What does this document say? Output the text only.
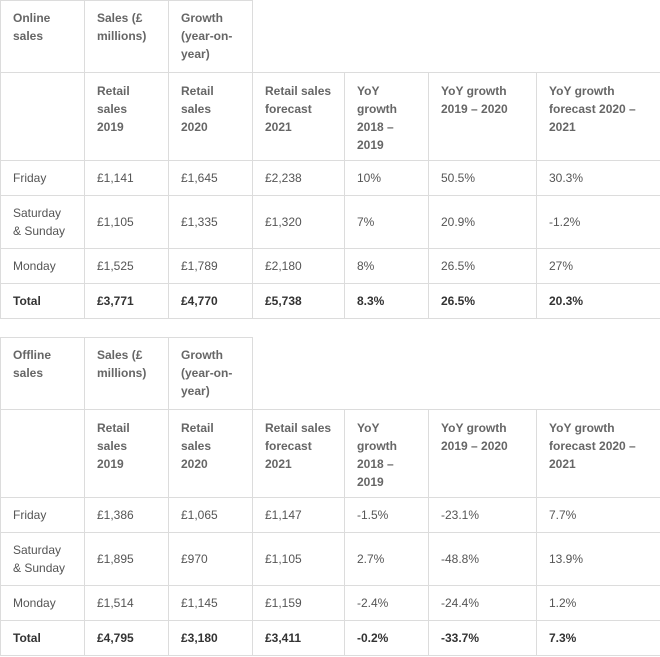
Online sales	Sales (£ millions)	Growth (year-on-year)				
	Retail sales 2019	Retail sales 2020	Retail sales forecast 2021	YoY growth 2018 – 2019	YoY growth 2019 – 2020	YoY growth forecast 2020 – 2021
Friday	£1,141	£1,645	£2,238	10%	50.5%	30.3%
Saturday & Sunday	£1,105	£1,335	£1,320	7%	20.9%	-1.2%
Monday	£1,525	£1,789	£2,180	8%	26.5%	27%
Total	£3,771	£4,770	£5,738	8.3%	26.5%	20.3%
Offline sales	Sales (£ millions)	Growth (year-on-year)				
	Retail sales 2019	Retail sales 2020	Retail sales forecast 2021	YoY growth 2018 – 2019	YoY growth 2019 – 2020	YoY growth forecast 2020 – 2021
Friday	£1,386	£1,065	£1,147	-1.5%	-23.1%	7.7%
Saturday & Sunday	£1,895	£970	£1,105	2.7%	-48.8%	13.9%
Monday	£1,514	£1,145	£1,159	-2.4%	-24.4%	1.2%
Total	£4,795	£3,180	£3,411	-0.2%	-33.7%	7.3%
